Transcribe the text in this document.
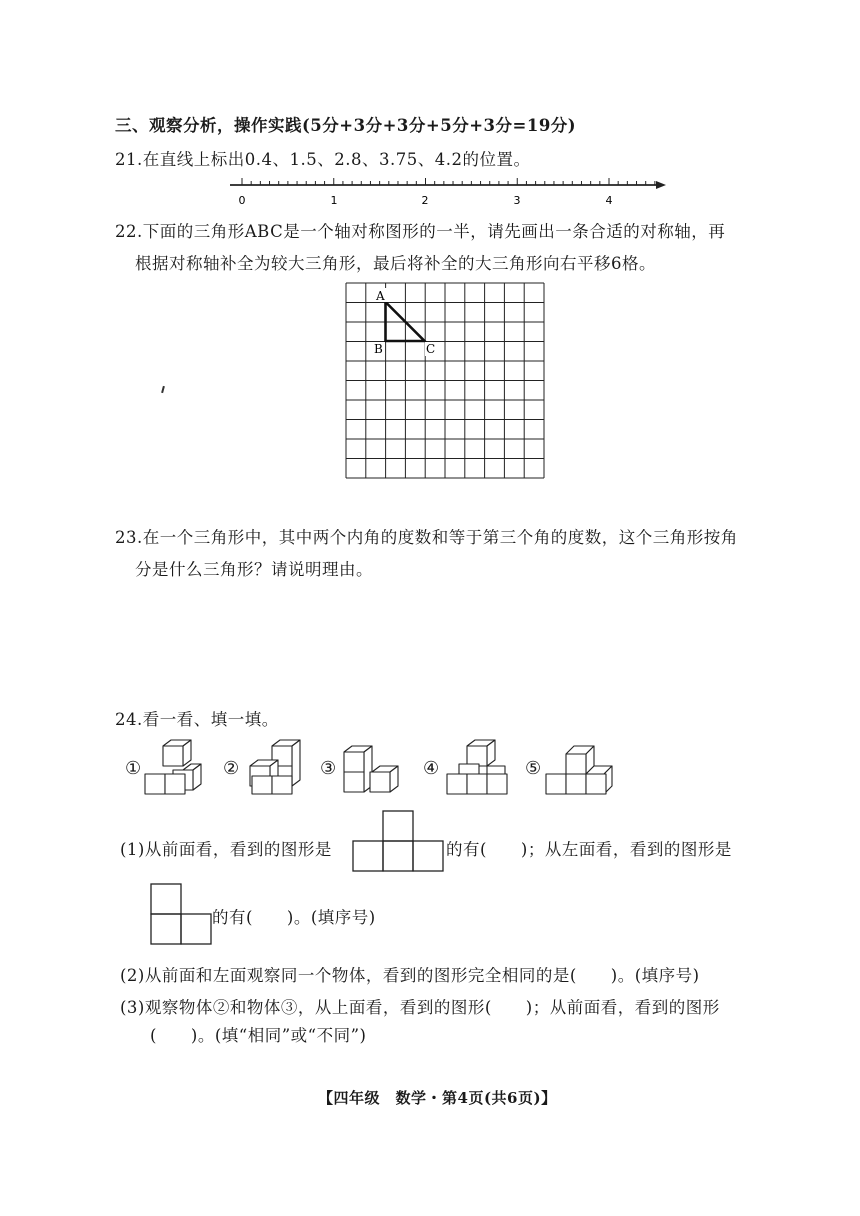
三、观察分析，操作实践(5分+3分+3分+5分+3分=19分)
21.在直线上标出0.4、1.5、2.8、3.75、4.2的位置。
0	1	2	3	4
22.下面的三角形ABC是一个轴对称图形的一半，请先画出一条合适的对称轴，再
根据对称轴补全为较大三角形，最后将补全的大三角形向右平移6格。
A
B	C
23.在一个三角形中，其中两个内角的度数和等于第三个角的度数，这个三角形按角
分是什么三角形？请说明理由。
24.看一看、填一填。
①	②	③	④	⑤
(1)从前面看，看到的图形是	的有(　　)；从左面看，看到的图形是
的有(　　)。(填序号)
(2)从前面和左面观察同一个物体，看到的图形完全相同的是(　　)。(填序号)
(3)观察物体②和物体③，从上面看，看到的图形(　　)；从前面看，看到的图形
(　　)。(填“相同”或“不同”)
【四年级　数学・第4页(共6页)】
